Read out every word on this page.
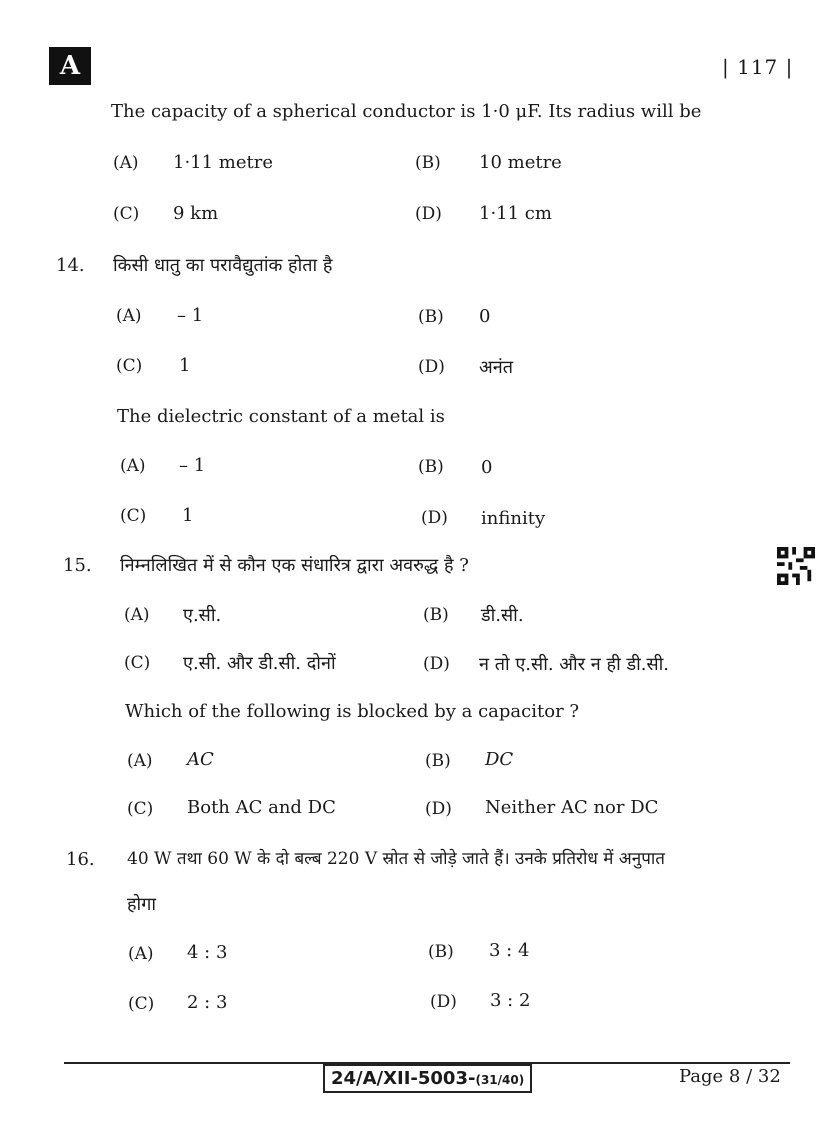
A	| 117 |
The capacity of a spherical conductor is 1·0 μF. Its radius will be
(A) 1·11 metre	(B) 10 metre
(C) 9 km	(D) 1·11 cm
14. किसी धातु का परावैद्युतांक होता है
(A) – 1	(B) 0
(C) 1	(D) अनंत
The dielectric constant of a metal is
(A) – 1	(B) 0
(C) 1	(D) infinity
15. निम्नलिखित में से कौन एक संधारित्र द्वारा अवरुद्ध है ?
(A) ए.सी.	(B) डी.सी.
(C) ए.सी. और डी.सी. दोनों	(D) न तो ए.सी. और न ही डी.सी.
Which of the following is blocked by a capacitor ?
(A) AC	(B) DC
(C) Both AC and DC	(D) Neither AC nor DC
16. 40 W तथा 60 W के दो बल्ब 220 V स्रोत से जोड़े जाते हैं। उनके प्रतिरोध में अनुपात
होगा
(A) 4 : 3	(B) 3 : 4
(C) 2 : 3	(D) 3 : 2
24/A/XII-5003-(31/40)	Page 8 / 32
